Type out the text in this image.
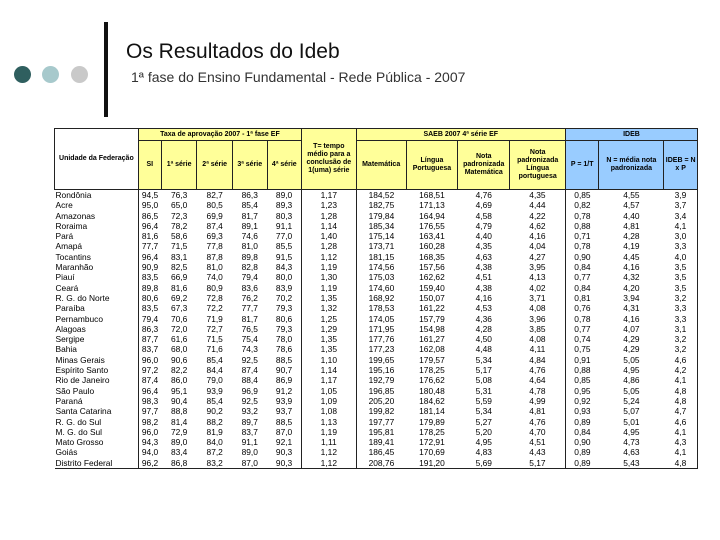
Os Resultados do Ideb
1ª fase do Ensino Fundamental - Rede Pública - 2007
Unidade da Federação	Taxa de aprovação 2007 - 1ª fase EF					T= tempo médio para a conclusão de 1(uma) série	SAEB 2007 4ª série EF				IDEB		
	SI	1ª série	2ª série	3ª série	4ª série		Matemática	Língua Portuguesa	Nota padronizada Matemática	Nota padronizada Língua portuguesa	P = 1/T	N = média nota padronizada	IDEB = N x P
Rondônia	94,5	76,3	82,7	86,3	89,0	1,17	184,52	168,51	4,76	4,35	0,85	4,55	3,9
Acre	95,0	65,0	80,5	85,4	89,3	1,23	182,75	171,13	4,69	4,44	0,82	4,57	3,7
Amazonas	86,5	72,3	69,9	81,7	80,3	1,28	179,84	164,94	4,58	4,22	0,78	4,40	3,4
Roraima	96,4	78,2	87,4	89,1	91,1	1,14	185,34	176,55	4,79	4,62	0,88	4,81	4,1
Pará	81,6	58,6	69,3	74,6	77,0	1,40	175,14	163,41	4,40	4,16	0,71	4,28	3,0
Amapá	77,7	71,5	77,8	81,0	85,5	1,28	173,71	160,28	4,35	4,04	0,78	4,19	3,3
Tocantins	96,4	83,1	87,8	89,8	91,5	1,12	181,15	168,35	4,63	4,27	0,90	4,45	4,0
Maranhão	90,9	82,5	81,0	82,8	84,3	1,19	174,56	157,56	4,38	3,95	0,84	4,16	3,5
Piauí	83,5	66,9	74,0	79,4	80,0	1,30	175,03	162,62	4,51	4,13	0,77	4,32	3,5
Ceará	89,8	81,6	80,9	83,6	83,9	1,19	174,60	159,40	4,38	4,02	0,84	4,20	3,5
R. G. do Norte	80,6	69,2	72,8	76,2	70,2	1,35	168,92	150,07	4,16	3,71	0,81	3,94	3,2
Paraíba	83,5	67,3	72,2	77,7	79,3	1,32	178,53	161,22	4,53	4,08	0,76	4,31	3,3
Pernambuco	79,4	70,6	71,9	81,7	80,6	1,25	174,05	157,79	4,36	3,96	0,78	4,16	3,3
Alagoas	86,3	72,0	72,7	76,5	79,3	1,29	171,95	154,98	4,28	3,85	0,77	4,07	3,1
Sergipe	87,7	61,6	71,5	75,4	78,0	1,35	177,76	161,27	4,50	4,08	0,74	4,29	3,2
Bahia	83,7	68,0	71,6	74,3	78,6	1,35	177,23	162,08	4,48	4,11	0,75	4,29	3,2
Minas Gerais	96,0	90,6	85,4	92,5	88,5	1,10	199,65	179,57	5,34	4,84	0,91	5,05	4,6
Espírito Santo	97,2	82,2	84,4	87,4	90,7	1,14	195,16	178,25	5,17	4,76	0,88	4,95	4,2
Rio de Janeiro	87,4	86,0	79,0	88,4	86,9	1,17	192,79	176,62	5,08	4,64	0,85	4,86	4,1
São Paulo	96,4	95,1	93,9	96,9	91,2	1,05	196,85	180,48	5,31	4,78	0,95	5,05	4,8
Paraná	98,3	90,4	85,4	92,5	93,9	1,09	205,20	184,62	5,59	4,99	0,92	5,24	4,8
Santa Catarina	97,7	88,8	90,2	93,2	93,7	1,08	199,82	181,14	5,34	4,81	0,93	5,07	4,7
R. G. do Sul	98,2	81,4	88,2	89,7	88,5	1,13	197,77	179,89	5,27	4,76	0,89	5,01	4,6
M. G. do Sul	96,0	72,9	81,9	83,7	87,0	1,19	195,81	178,25	5,20	4,70	0,84	4,95	4,1
Mato Grosso	94,3	89,0	84,0	91,1	92,1	1,11	189,41	172,91	4,95	4,51	0,90	4,73	4,3
Goiás	94,0	83,4	87,2	89,0	90,3	1,12	186,45	170,69	4,83	4,43	0,89	4,63	4,1
Distrito Federal	96,2	86,8	83,2	87,0	90,3	1,12	208,76	191,20	5,69	5,17	0,89	5,43	4,8
